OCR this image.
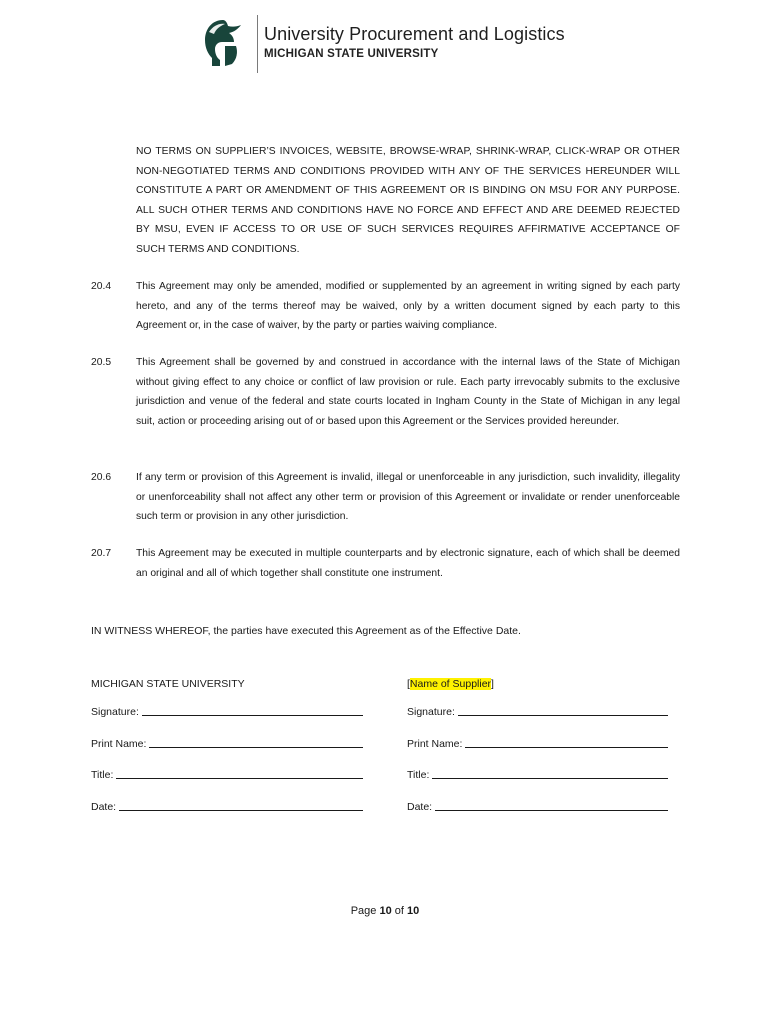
University Procurement and Logistics
MICHIGAN STATE UNIVERSITY
NO TERMS ON SUPPLIER’S INVOICES, WEBSITE, BROWSE-WRAP, SHRINK-WRAP, CLICK-WRAP OR OTHER NON-NEGOTIATED TERMS AND CONDITIONS PROVIDED WITH ANY OF THE SERVICES HEREUNDER WILL CONSTITUTE A PART OR AMENDMENT OF THIS AGREEMENT OR IS BINDING ON MSU FOR ANY PURPOSE. ALL SUCH OTHER TERMS AND CONDITIONS HAVE NO FORCE AND EFFECT AND ARE DEEMED REJECTED BY MSU, EVEN IF ACCESS TO OR USE OF SUCH SERVICES REQUIRES AFFIRMATIVE ACCEPTANCE OF SUCH TERMS AND CONDITIONS.
20.4 This Agreement may only be amended, modified or supplemented by an agreement in writing signed by each party hereto, and any of the terms thereof may be waived, only by a written document signed by each party to this Agreement or, in the case of waiver, by the party or parties waiving compliance.
20.5 This Agreement shall be governed by and construed in accordance with the internal laws of the State of Michigan without giving effect to any choice or conflict of law provision or rule. Each party irrevocably submits to the exclusive jurisdiction and venue of the federal and state courts located in Ingham County in the State of Michigan in any legal suit, action or proceeding arising out of or based upon this Agreement or the Services provided hereunder.
20.6 If any term or provision of this Agreement is invalid, illegal or unenforceable in any jurisdiction, such invalidity, illegality or unenforceability shall not affect any other term or provision of this Agreement or invalidate or render unenforceable such term or provision in any other jurisdiction.
20.7 This Agreement may be executed in multiple counterparts and by electronic signature, each of which shall be deemed an original and all of which together shall constitute one instrument.
IN WITNESS WHEREOF, the parties have executed this Agreement as of the Effective Date.
MICHIGAN STATE UNIVERSITY
Signature:
Print Name:
Title:
Date:
[Name of Supplier]
Signature:
Print Name:
Title:
Date:
Page 10 of 10
